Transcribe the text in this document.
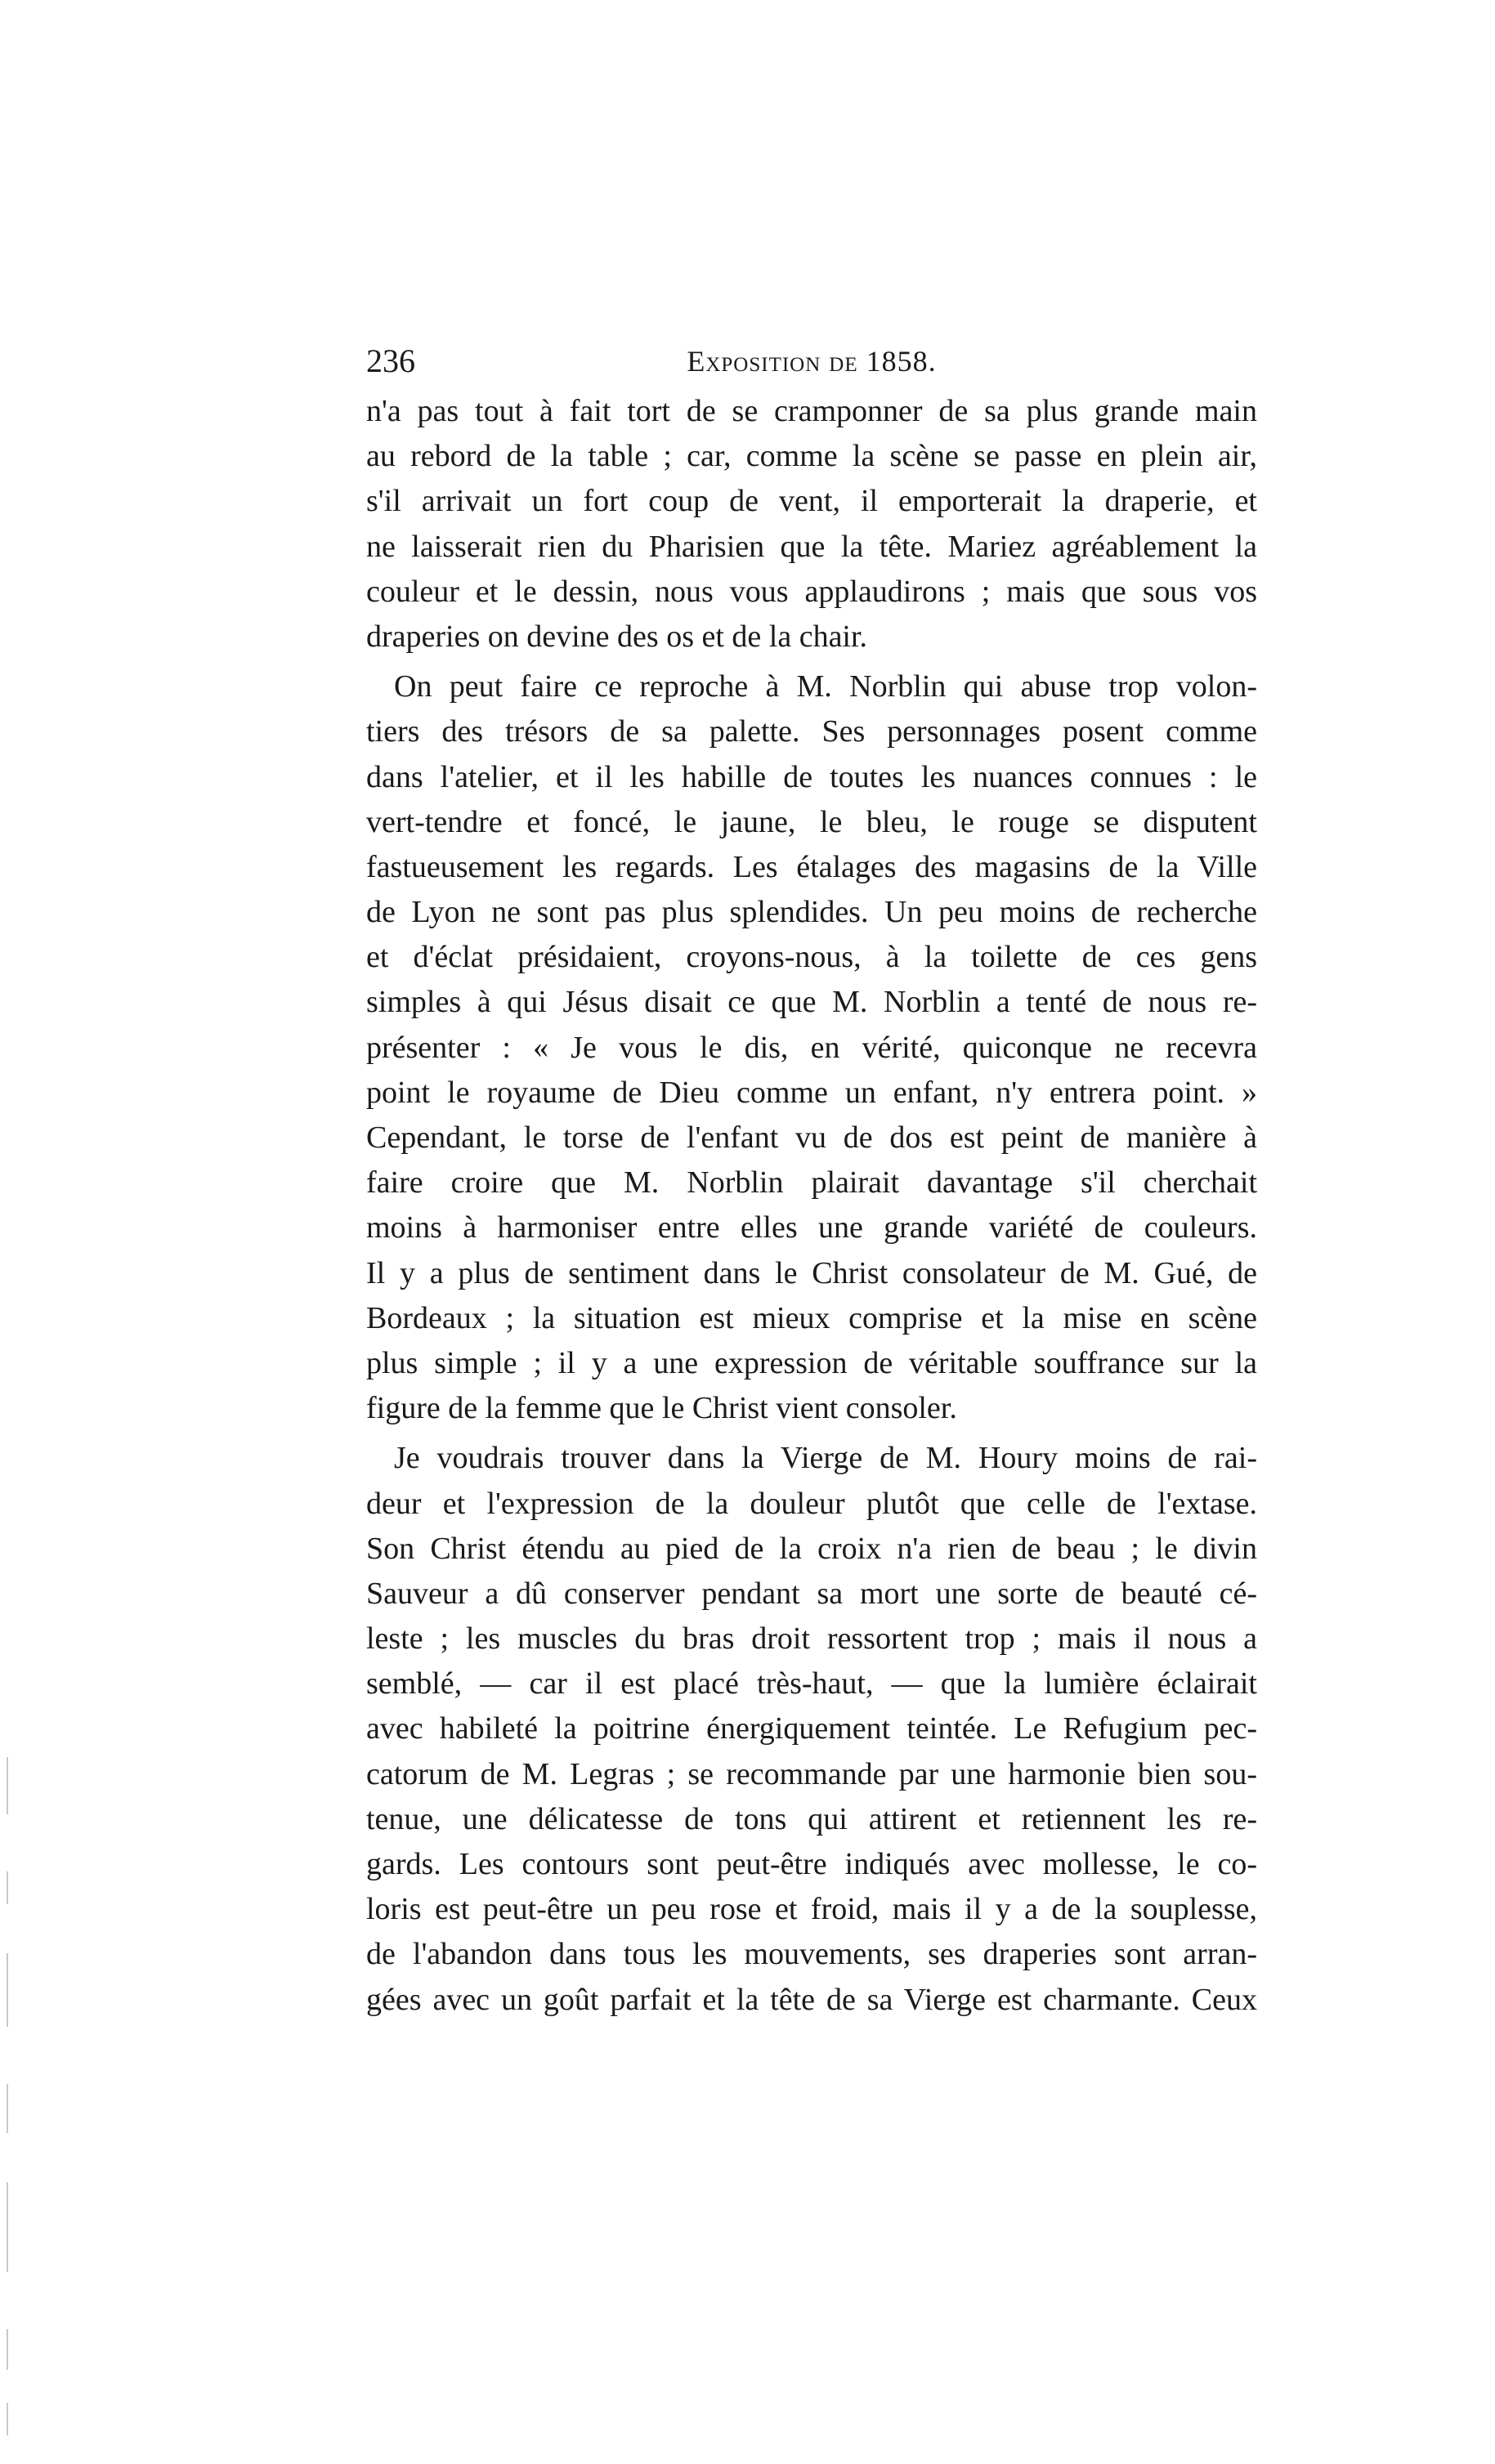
236	Exposition de 1858.
n'a pas tout à fait tort de se cramponner de sa plus grande main
au rebord de la table ; car, comme la scène se passe en plein air,
s'il arrivait un fort coup de vent, il emporterait la draperie, et
ne laisserait rien du Pharisien que la tête. Mariez agréablement la
couleur et le dessin, nous vous applaudirons ; mais que sous vos
draperies on devine des os et de la chair.
On peut faire ce reproche à M. Norblin qui abuse trop volon-
tiers des trésors de sa palette. Ses personnages posent comme
dans l'atelier, et il les habille de toutes les nuances connues : le
vert-tendre et foncé, le jaune, le bleu, le rouge se disputent
fastueusement les regards. Les étalages des magasins de la Ville
de Lyon ne sont pas plus splendides. Un peu moins de recherche
et d'éclat présidaient, croyons-nous, à la toilette de ces gens
simples à qui Jésus disait ce que M. Norblin a tenté de nous re-
présenter : « Je vous le dis, en vérité, quiconque ne recevra
point le royaume de Dieu comme un enfant, n'y entrera point. »
Cependant, le torse de l'enfant vu de dos est peint de manière à
faire croire que M. Norblin plairait davantage s'il cherchait
moins à harmoniser entre elles une grande variété de couleurs.
Il y a plus de sentiment dans le Christ consolateur de M. Gué, de
Bordeaux ; la situation est mieux comprise et la mise en scène
plus simple ; il y a une expression de véritable souffrance sur la
figure de la femme que le Christ vient consoler.
Je voudrais trouver dans la Vierge de M. Houry moins de rai-
deur et l'expression de la douleur plutôt que celle de l'extase.
Son Christ étendu au pied de la croix n'a rien de beau ; le divin
Sauveur a dû conserver pendant sa mort une sorte de beauté cé-
leste ; les muscles du bras droit ressortent trop ; mais il nous a
semblé, — car il est placé très-haut, — que la lumière éclairait
avec habileté la poitrine énergiquement teintée. Le Refugium pec-
catorum de M. Legras ; se recommande par une harmonie bien sou-
tenue, une délicatesse de tons qui attirent et retiennent les re-
gards. Les contours sont peut-être indiqués avec mollesse, le co-
loris est peut-être un peu rose et froid, mais il y a de la souplesse,
de l'abandon dans tous les mouvements, ses draperies sont arran-
gées avec un goût parfait et la tête de sa Vierge est charmante. Ceux
